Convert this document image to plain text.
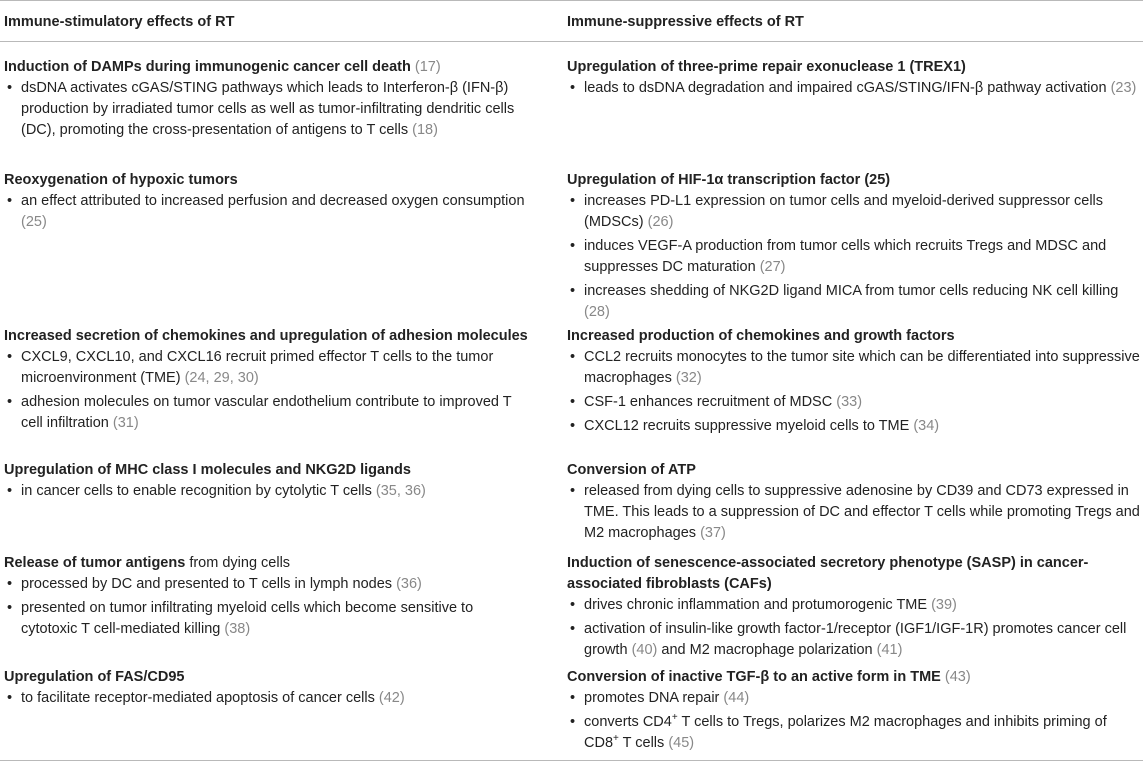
Immune-stimulatory effects of RT	Immune-suppressive effects of RT

Induction of DAMPs during immunogenic cancer cell death (17)

• dsDNA activates cGAS/STING pathways which leads to Interferon-β (IFN-β) production by irradiated tumor cells as well as tumor-infiltrating dendritic cells (DC), promoting the cross-presentation of antigens to T cells (18)

Upregulation of three-prime repair exonuclease 1 (TREX1)

• leads to dsDNA degradation and impaired cGAS/STING/IFN-β pathway activation (23)

Reoxygenation of hypoxic tumors

• an effect attributed to increased perfusion and decreased oxygen consumption (25)

Upregulation of HIF-1α transcription factor (25)

• increases PD-L1 expression on tumor cells and myeloid-derived suppressor cells (MDSCs) (26)
• induces VEGF-A production from tumor cells which recruits Tregs and MDSC and suppresses DC maturation (27)
• increases shedding of NKG2D ligand MICA from tumor cells reducing NK cell killing (28)

Increased secretion of chemokines and upregulation of adhesion molecules

• CXCL9, CXCL10, and CXCL16 recruit primed effector T cells to the tumor microenvironment (TME) (24, 29, 30)
• adhesion molecules on tumor vascular endothelium contribute to improved T cell infiltration (31)

Increased production of chemokines and growth factors

• CCL2 recruits monocytes to the tumor site which can be differentiated into suppressive macrophages (32)
• CSF-1 enhances recruitment of MDSC (33)
• CXCL12 recruits suppressive myeloid cells to TME (34)

Upregulation of MHC class I molecules and NKG2D ligands

• in cancer cells to enable recognition by cytolytic T cells (35, 36)

Conversion of ATP

• released from dying cells to suppressive adenosine by CD39 and CD73 expressed in TME. This leads to a suppression of DC and effector T cells while promoting Tregs and M2 macrophages (37)

Release of tumor antigens from dying cells

• processed by DC and presented to T cells in lymph nodes (36)
• presented on tumor infiltrating myeloid cells which become sensitive to cytotoxic T cell-mediated killing (38)

Induction of senescence-associated secretory phenotype (SASP) in cancer-associated fibroblasts (CAFs)

• drives chronic inflammation and protumorogenic TME (39)
• activation of insulin-like growth factor-1/receptor (IGF1/IGF-1R) promotes cancer cell growth (40) and M2 macrophage polarization (41)

Upregulation of FAS/CD95

• to facilitate receptor-mediated apoptosis of cancer cells (42)

Conversion of inactive TGF-β to an active form in TME (43)

• promotes DNA repair (44)
• converts CD4+ T cells to Tregs, polarizes M2 macrophages and inhibits priming of CD8+ T cells (45)
